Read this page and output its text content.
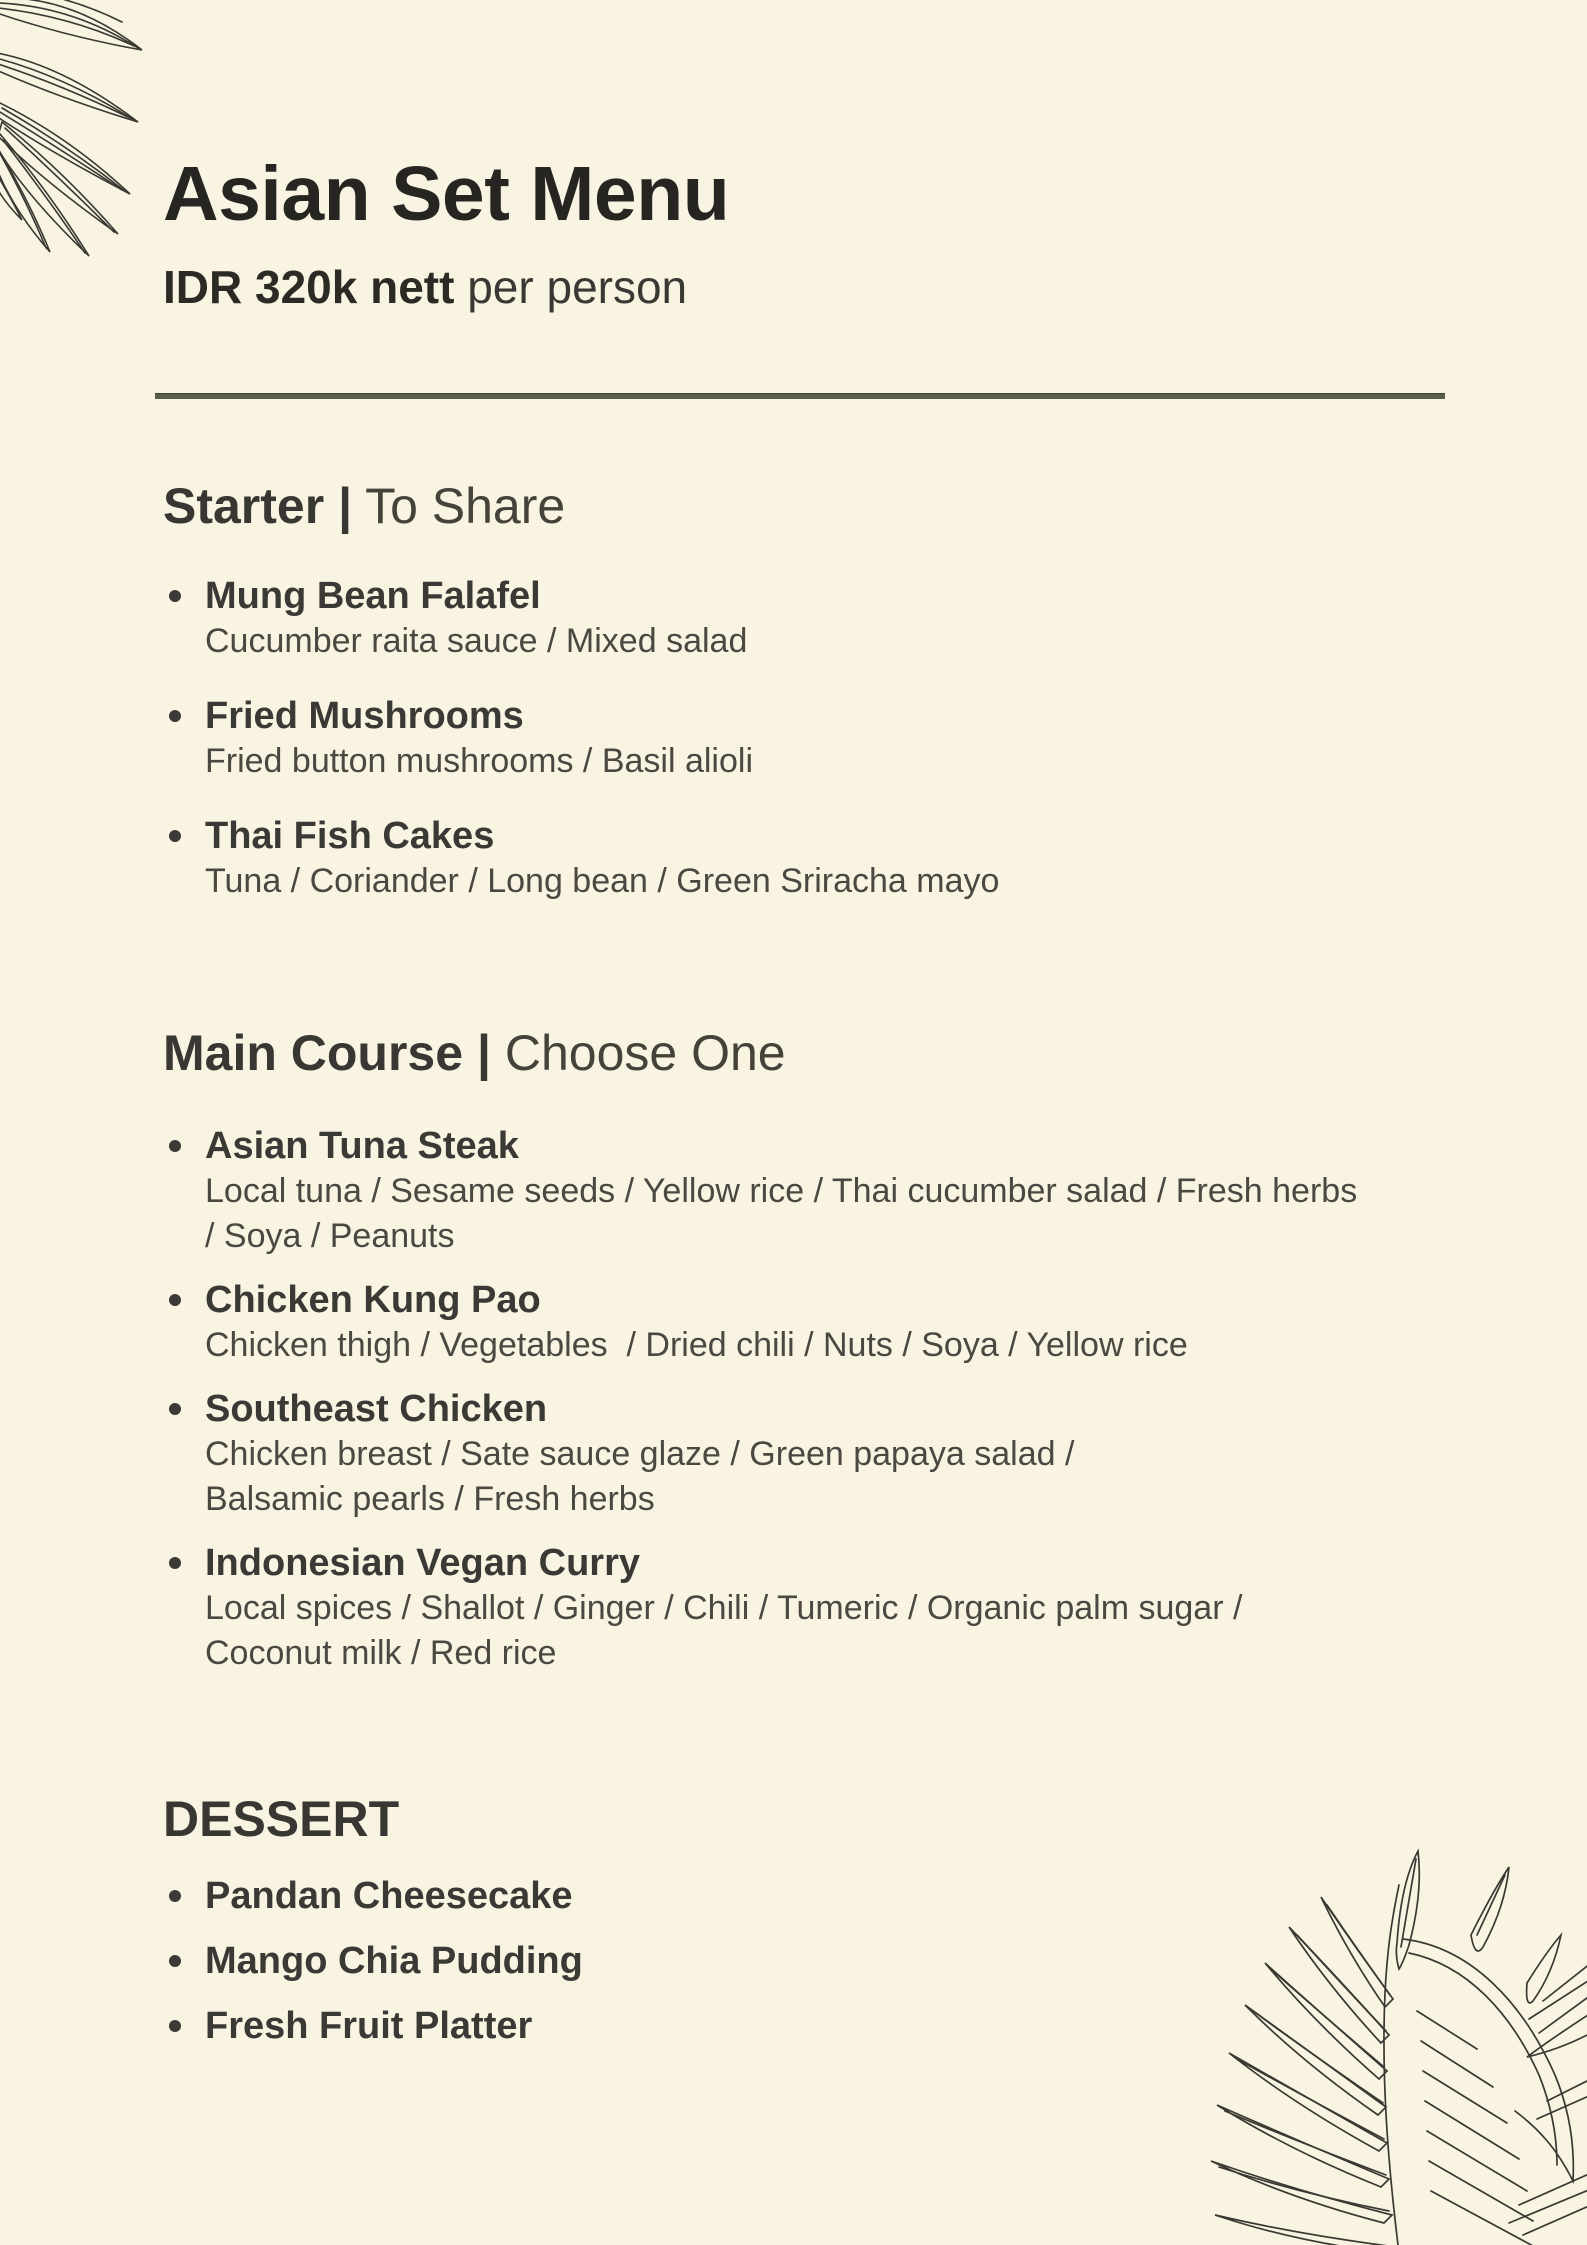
Asian Set Menu

IDR 320k nett per person

Starter | To Share
Mung Bean Falafel
Cucumber raita sauce / Mixed salad
Fried Mushrooms
Fried button mushrooms / Basil alioli
Thai Fish Cakes
Tuna / Coriander / Long bean / Green Sriracha mayo
Main Course | Choose One
Asian Tuna Steak
Local tuna / Sesame seeds / Yellow rice / Thai cucumber salad / Fresh herbs
/ Soya / Peanuts
Chicken Kung Pao
Chicken thigh / Vegetables  / Dried chili / Nuts / Soya / Yellow rice
Southeast Chicken
Chicken breast / Sate sauce glaze / Green papaya salad /
Balsamic pearls / Fresh herbs
Indonesian Vegan Curry
Local spices / Shallot / Ginger / Chili / Tumeric / Organic palm sugar /
Coconut milk / Red rice
DESSERT
Pandan Cheesecake
Mango Chia Pudding
Fresh Fruit Platter
